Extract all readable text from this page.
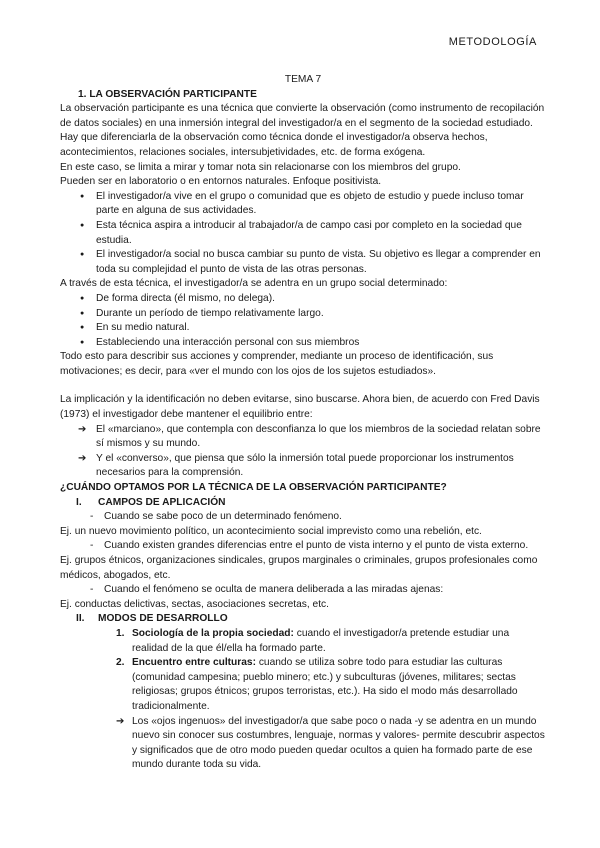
METODOLOGÍA
TEMA 7
1. LA OBSERVACIÓN PARTICIPANTE

La observación participante es una técnica que convierte la observación (como instrumento de recopilación de datos sociales) en una inmersión integral del investigador/a en el segmento de la sociedad estudiado.

Hay que diferenciarla de la observación como técnica donde el investigador/a observa hechos, acontecimientos, relaciones sociales, intersubjetividades, etc. de forma exógena.

En este caso, se limita a mirar y tomar nota sin relacionarse con los miembros del grupo.

Pueden ser en laboratorio o en entornos naturales. Enfoque positivista.

● El investigador/a vive en el grupo o comunidad que es objeto de estudio y puede incluso tomar parte en alguna de sus actividades.
● Esta técnica aspira a introducir al trabajador/a de campo casi por completo en la sociedad que estudia.
● El investigador/a social no busca cambiar su punto de vista. Su objetivo es llegar a comprender en toda su complejidad el punto de vista de las otras personas.

A través de esta técnica, el investigador/a se adentra en un grupo social determinado:

● De forma directa (él mismo, no delega).
● Durante un período de tiempo relativamente largo.
● En su medio natural.
● Estableciendo una interacción personal con sus miembros

Todo esto para describir sus acciones y comprender, mediante un proceso de identificación, sus motivaciones; es decir, para «ver el mundo con los ojos de los sujetos estudiados».

La implicación y la identificación no deben evitarse, sino buscarse. Ahora bien, de acuerdo con Fred Davis (1973) el investigador debe mantener el equilibrio entre:

➔ El «marciano», que contempla con desconfianza lo que los miembros de la sociedad relatan sobre sí mismos y su mundo.
➔ Y el «converso», que piensa que sólo la inmersión total puede proporcionar los instrumentos necesarios para la comprensión.
¿CUÁNDO OPTAMOS POR LA TÉCNICA DE LA OBSERVACIÓN PARTICIPANTE?
I. CAMPOS DE APLICACIÓN
- Cuando se sabe poco de un determinado fenómeno.

Ej. un nuevo movimiento político, un acontecimiento social imprevisto como una rebelión, etc.

- Cuando existen grandes diferencias entre el punto de vista interno y el punto de vista externo.

Ej. grupos étnicos, organizaciones sindicales, grupos marginales o criminales, grupos profesionales como médicos, abogados, etc.

- Cuando el fenómeno se oculta de manera deliberada a las miradas ajenas:

Ej. conductas delictivas, sectas, asociaciones secretas, etc.

II. MODOS DE DESARROLLO
1. Sociología de la propia sociedad: cuando el investigador/a pretende estudiar una realidad de la que él/ella ha formado parte.
2. Encuentro entre culturas: cuando se utiliza sobre todo para estudiar las culturas (comunidad campesina; pueblo minero; etc.) y subculturas (jóvenes, militares; sectas religiosas; grupos étnicos; grupos terroristas, etc.). Ha sido el modo más desarrollado tradicionalmente.
➔ Los «ojos ingenuos» del investigador/a que sabe poco o nada -y se adentra en un mundo nuevo sin conocer sus costumbres, lenguaje, normas y valores- permite descubrir aspectos y significados que de otro modo pueden quedar ocultos a quien ha formado parte de ese mundo durante toda su vida.
